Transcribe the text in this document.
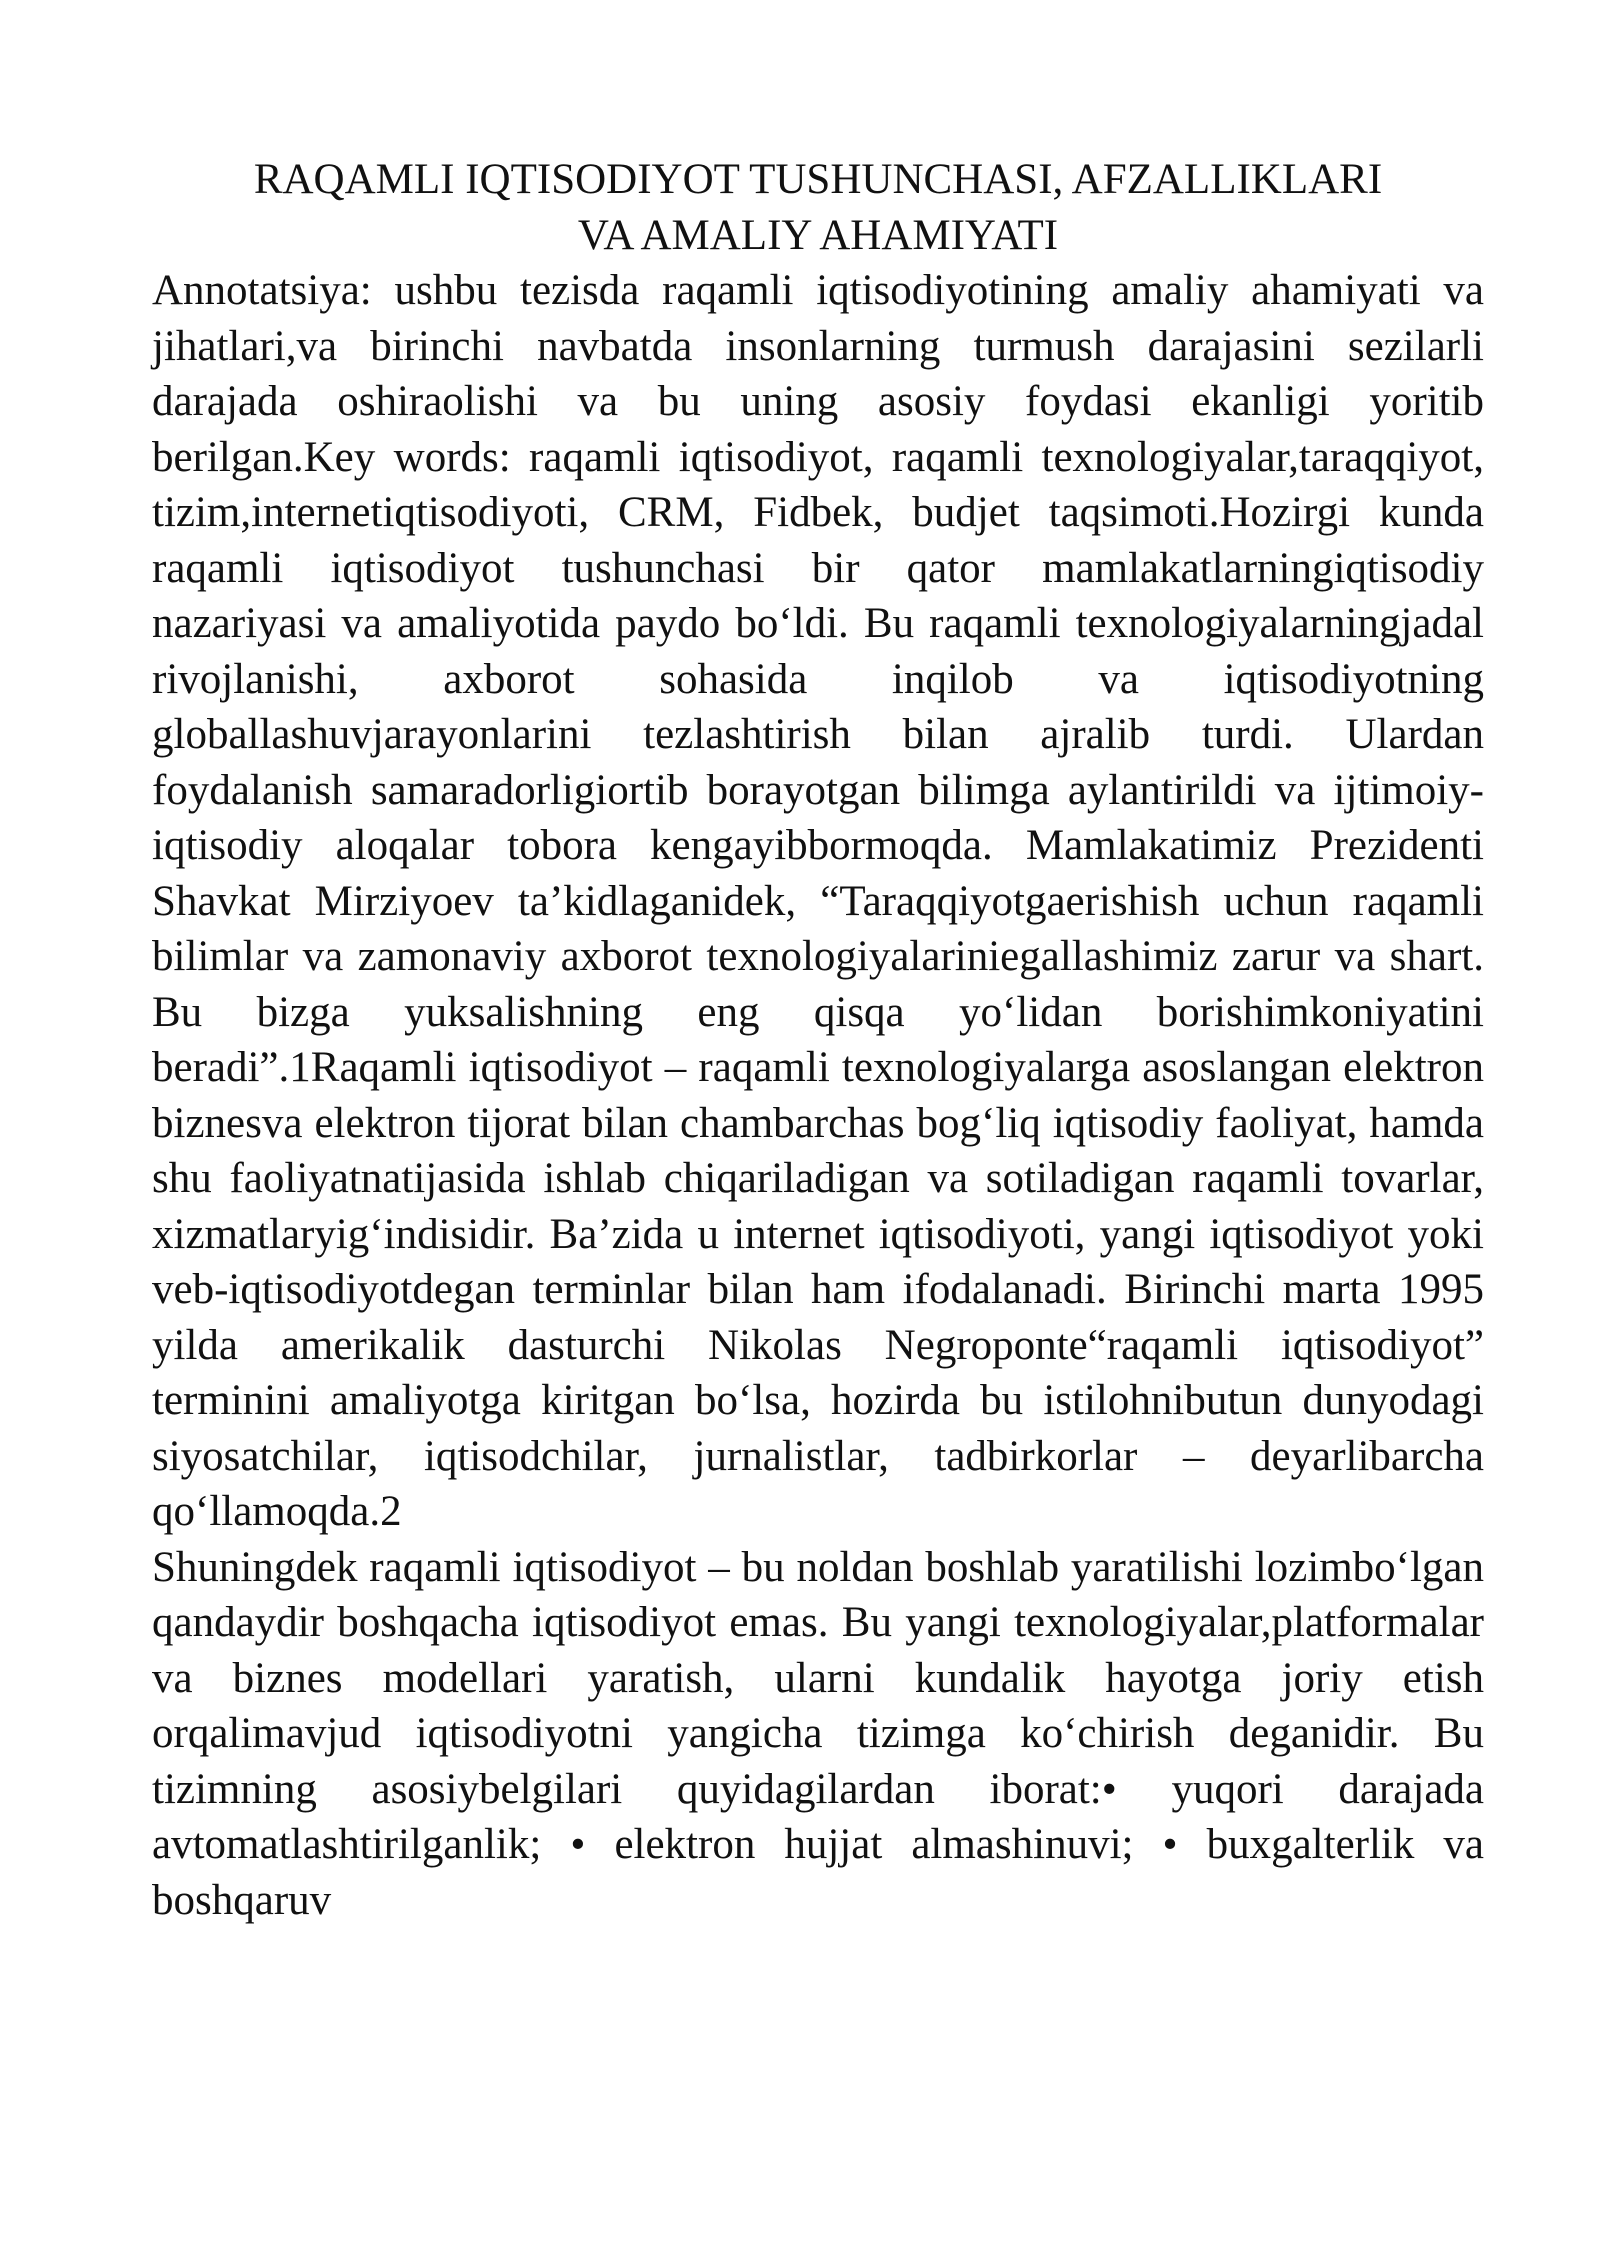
RAQAMLI IQTISODIYOT TUSHUNCHASI, AFZALLIKLARI
VA AMALIY AHAMIYATI

Annotatsiya: ushbu tezisda raqamli iqtisodiyotining amaliy ahamiyati va jihatlari,va birinchi navbatda insonlarning turmush darajasini sezilarli darajada oshiraolishi va bu uning asosiy foydasi ekanligi yoritib berilgan.Key words: raqamli iqtisodiyot, raqamli texnologiyalar,taraqqiyot, tizim,internetiqtisodiyoti, CRM, Fidbek, budjet taqsimoti.Hozirgi kunda raqamli iqtisodiyot tushunchasi bir qator mamlakatlarningiqtisodiy nazariyasi va amaliyotida paydo bo‘ldi. Bu raqamli texnologiyalarningjadal rivojlanishi, axborot sohasida inqilob va iqtisodiyotning globallashuvjarayonlarini tezlashtirish bilan ajralib turdi. Ulardan foydalanish samaradorligiortib borayotgan bilimga aylantirildi va ijtimoiy-iqtisodiy aloqalar tobora kengayibbormoqda. Mamlakatimiz Prezidenti Shavkat Mirziyoev ta’kidlaganidek, “Taraqqiyotgaerishish uchun raqamli bilimlar va zamonaviy axborot texnologiyalariniegallashimiz zarur va shart. Bu bizga yuksalishning eng qisqa yo‘lidan borishimkoniyatini beradi”.1Raqamli iqtisodiyot – raqamli texnologiyalarga asoslangan elektron biznesva elektron tijorat bilan chambarchas bog‘liq iqtisodiy faoliyat, hamda shu faoliyatnatijasida ishlab chiqariladigan va sotiladigan raqamli tovarlar, xizmatlaryig‘indisidir. Ba’zida u internet iqtisodiyoti, yangi iqtisodiyot yoki veb-iqtisodiyotdegan terminlar bilan ham ifodalanadi. Birinchi marta 1995 yilda amerikalik dasturchi Nikolas Negroponte“raqamli iqtisodiyot” terminini amaliyotga kiritgan bo‘lsa, hozirda bu istilohnibutun dunyodagi siyosatchilar, iqtisodchilar, jurnalistlar, tadbirkorlar – deyarlibarcha qo‘llamoqda.2

Shuningdek raqamli iqtisodiyot – bu noldan boshlab yaratilishi lozimbo‘lgan qandaydir boshqacha iqtisodiyot emas. Bu yangi texnologiyalar,platformalar va biznes modellari yaratish, ularni kundalik hayotga joriy etish orqalimavjud iqtisodiyotni yangicha tizimga ko‘chirish deganidir. Bu tizimning asosiybelgilari quyidagilardan iborat:• yuqori darajada avtomatlashtirilganlik; • elektron hujjat almashinuvi; • buxgalterlik va boshqaruv
